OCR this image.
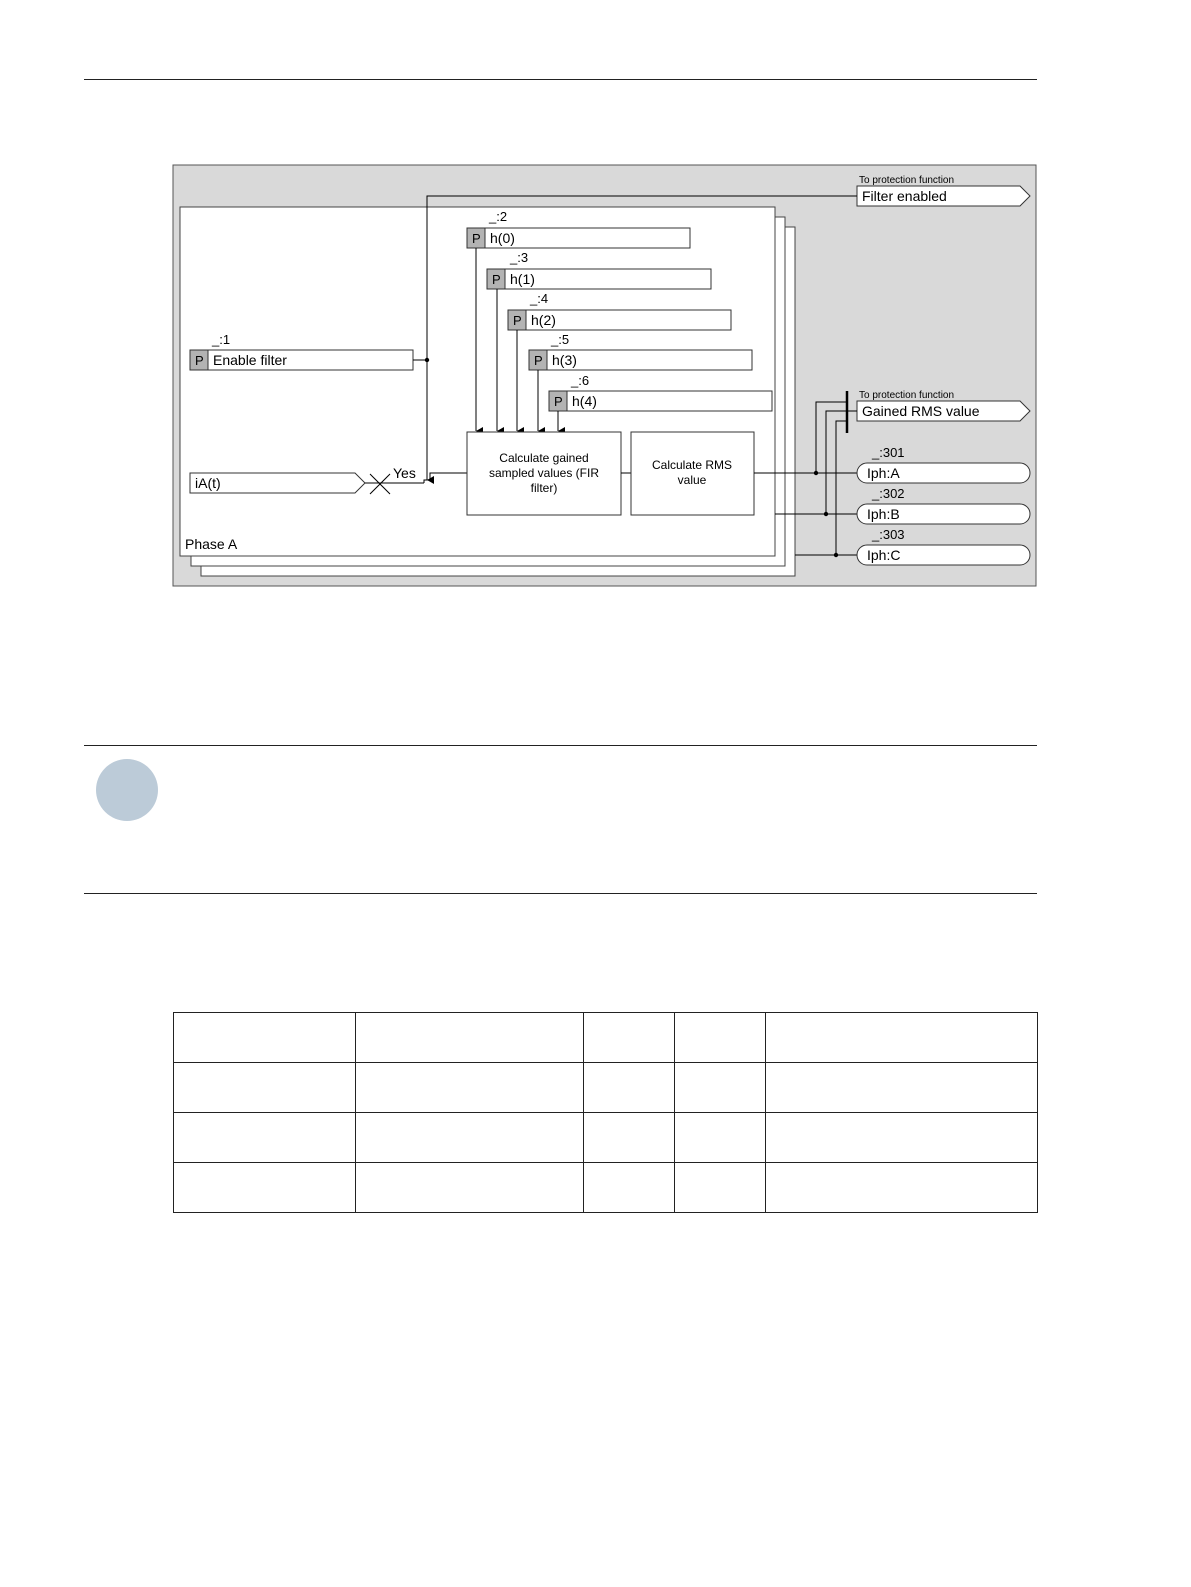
To protection function
Filter enabled
_:1
P Enable filter
_:2
P h(0)
_:3
P h(1)
_:4
P h(2)
_:5
P h(3)
_:6
P h(4)
iA(t)
Yes
Calculate gained
sampled values (FIR
filter)
Calculate RMS
value
To protection function
Gained RMS value
_:301
Iph:A
_:302
Iph:B
_:303
Iph:C
Phase A
